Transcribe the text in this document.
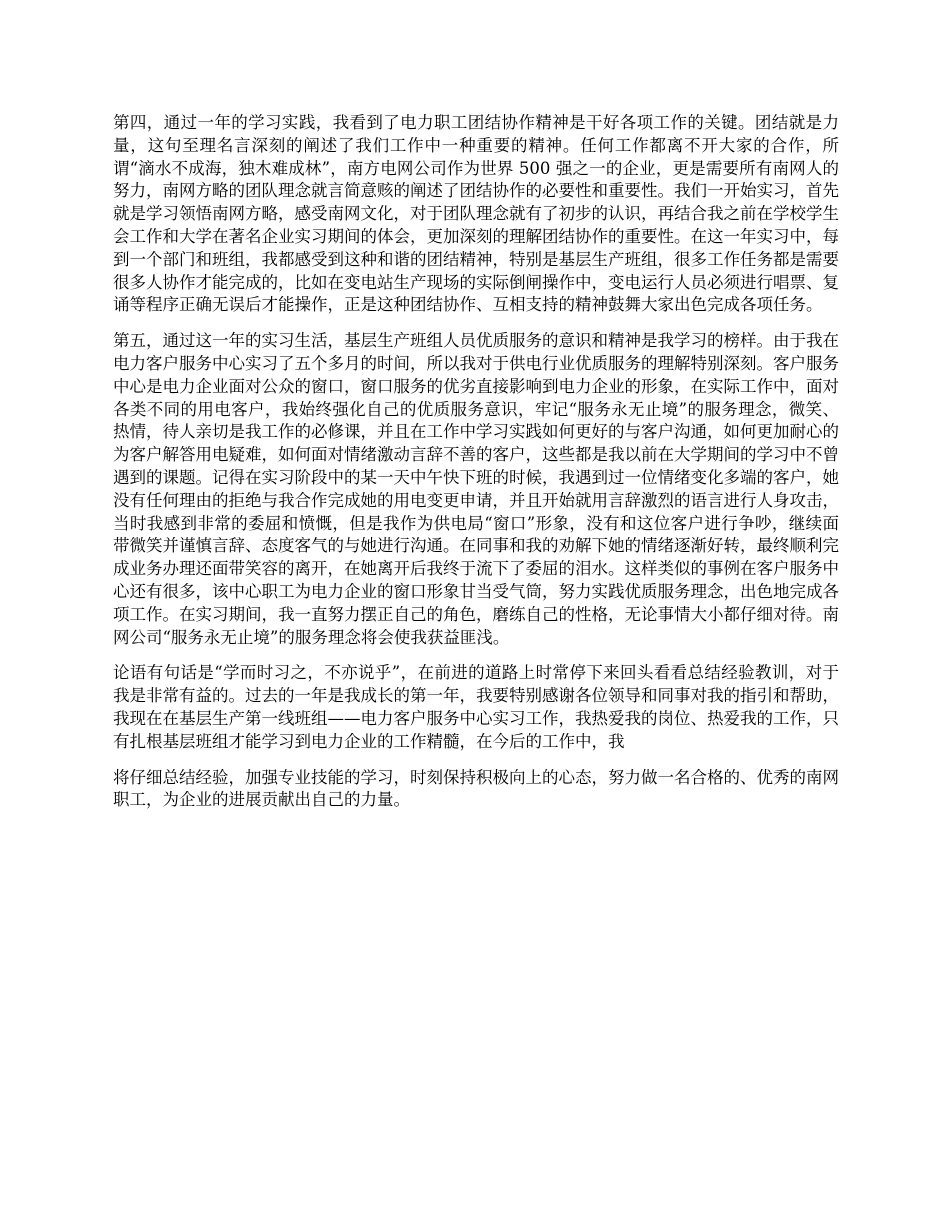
第四，通过一年的学习实践，我看到了电力职工团结协作精神是干好各项工作的关键。团结就是力量，这句至理名言深刻的阐述了我们工作中一种重要的精神。任何工作都离不开大家的合作，所谓“滴水不成海，独木难成林”，南方电网公司作为世界 500 强之一的企业，更是需要所有南网人的努力，南网方略的团队理念就言简意赅的阐述了团结协作的必要性和重要性。我们一开始实习，首先就是学习领悟南网方略，感受南网文化，对于团队理念就有了初步的认识，再结合我之前在学校学生会工作和大学在著名企业实习期间的体会，更加深刻的理解团结协作的重要性。在这一年实习中，每到一个部门和班组，我都感受到这种和谐的团结精神，特别是基层生产班组，很多工作任务都是需要很多人协作才能完成的，比如在变电站生产现场的实际倒闸操作中，变电运行人员必须进行唱票、复诵等程序正确无误后才能操作，正是这种团结协作、互相支持的精神鼓舞大家出色完成各项任务。

第五，通过这一年的实习生活，基层生产班组人员优质服务的意识和精神是我学习的榜样。由于我在电力客户服务中心实习了五个多月的时间，所以我对于供电行业优质服务的理解特别深刻。客户服务中心是电力企业面对公众的窗口，窗口服务的优劣直接影响到电力企业的形象，在实际工作中，面对各类不同的用电客户，我始终强化自己的优质服务意识，牢记“服务永无止境”的服务理念，微笑、热情，待人亲切是我工作的必修课，并且在工作中学习实践如何更好的与客户沟通，如何更加耐心的为客户解答用电疑难，如何面对情绪激动言辞不善的客户，这些都是我以前在大学期间的学习中不曾遇到的课题。记得在实习阶段中的某一天中午快下班的时候，我遇到过一位情绪变化多端的客户，她没有任何理由的拒绝与我合作完成她的用电变更申请，并且开始就用言辞激烈的语言进行人身攻击，当时我感到非常的委屈和愤慨，但是我作为供电局“窗口”形象，没有和这位客户进行争吵，继续面带微笑并谨慎言辞、态度客气的与她进行沟通。在同事和我的劝解下她的情绪逐渐好转，最终顺利完成业务办理还面带笑容的离开，在她离开后我终于流下了委屈的泪水。这样类似的事例在客户服务中心还有很多，该中心职工为电力企业的窗口形象甘当受气筒，努力实践优质服务理念，出色地完成各项工作。在实习期间，我一直努力摆正自己的角色，磨练自己的性格，无论事情大小都仔细对待。南网公司“服务永无止境”的服务理念将会使我获益匪浅。

论语有句话是“学而时习之，不亦说乎”，在前进的道路上时常停下来回头看看总结经验教训，对于我是非常有益的。过去的一年是我成长的第一年，我要特别感谢各位领导和同事对我的指引和帮助，我现在在基层生产第一线班组——电力客户服务中心实习工作，我热爱我的岗位、热爱我的工作，只有扎根基层班组才能学习到电力企业的工作精髓，在今后的工作中，我

将仔细总结经验，加强专业技能的学习，时刻保持积极向上的心态，努力做一名合格的、优秀的南网职工，为企业的进展贡献出自己的力量。
